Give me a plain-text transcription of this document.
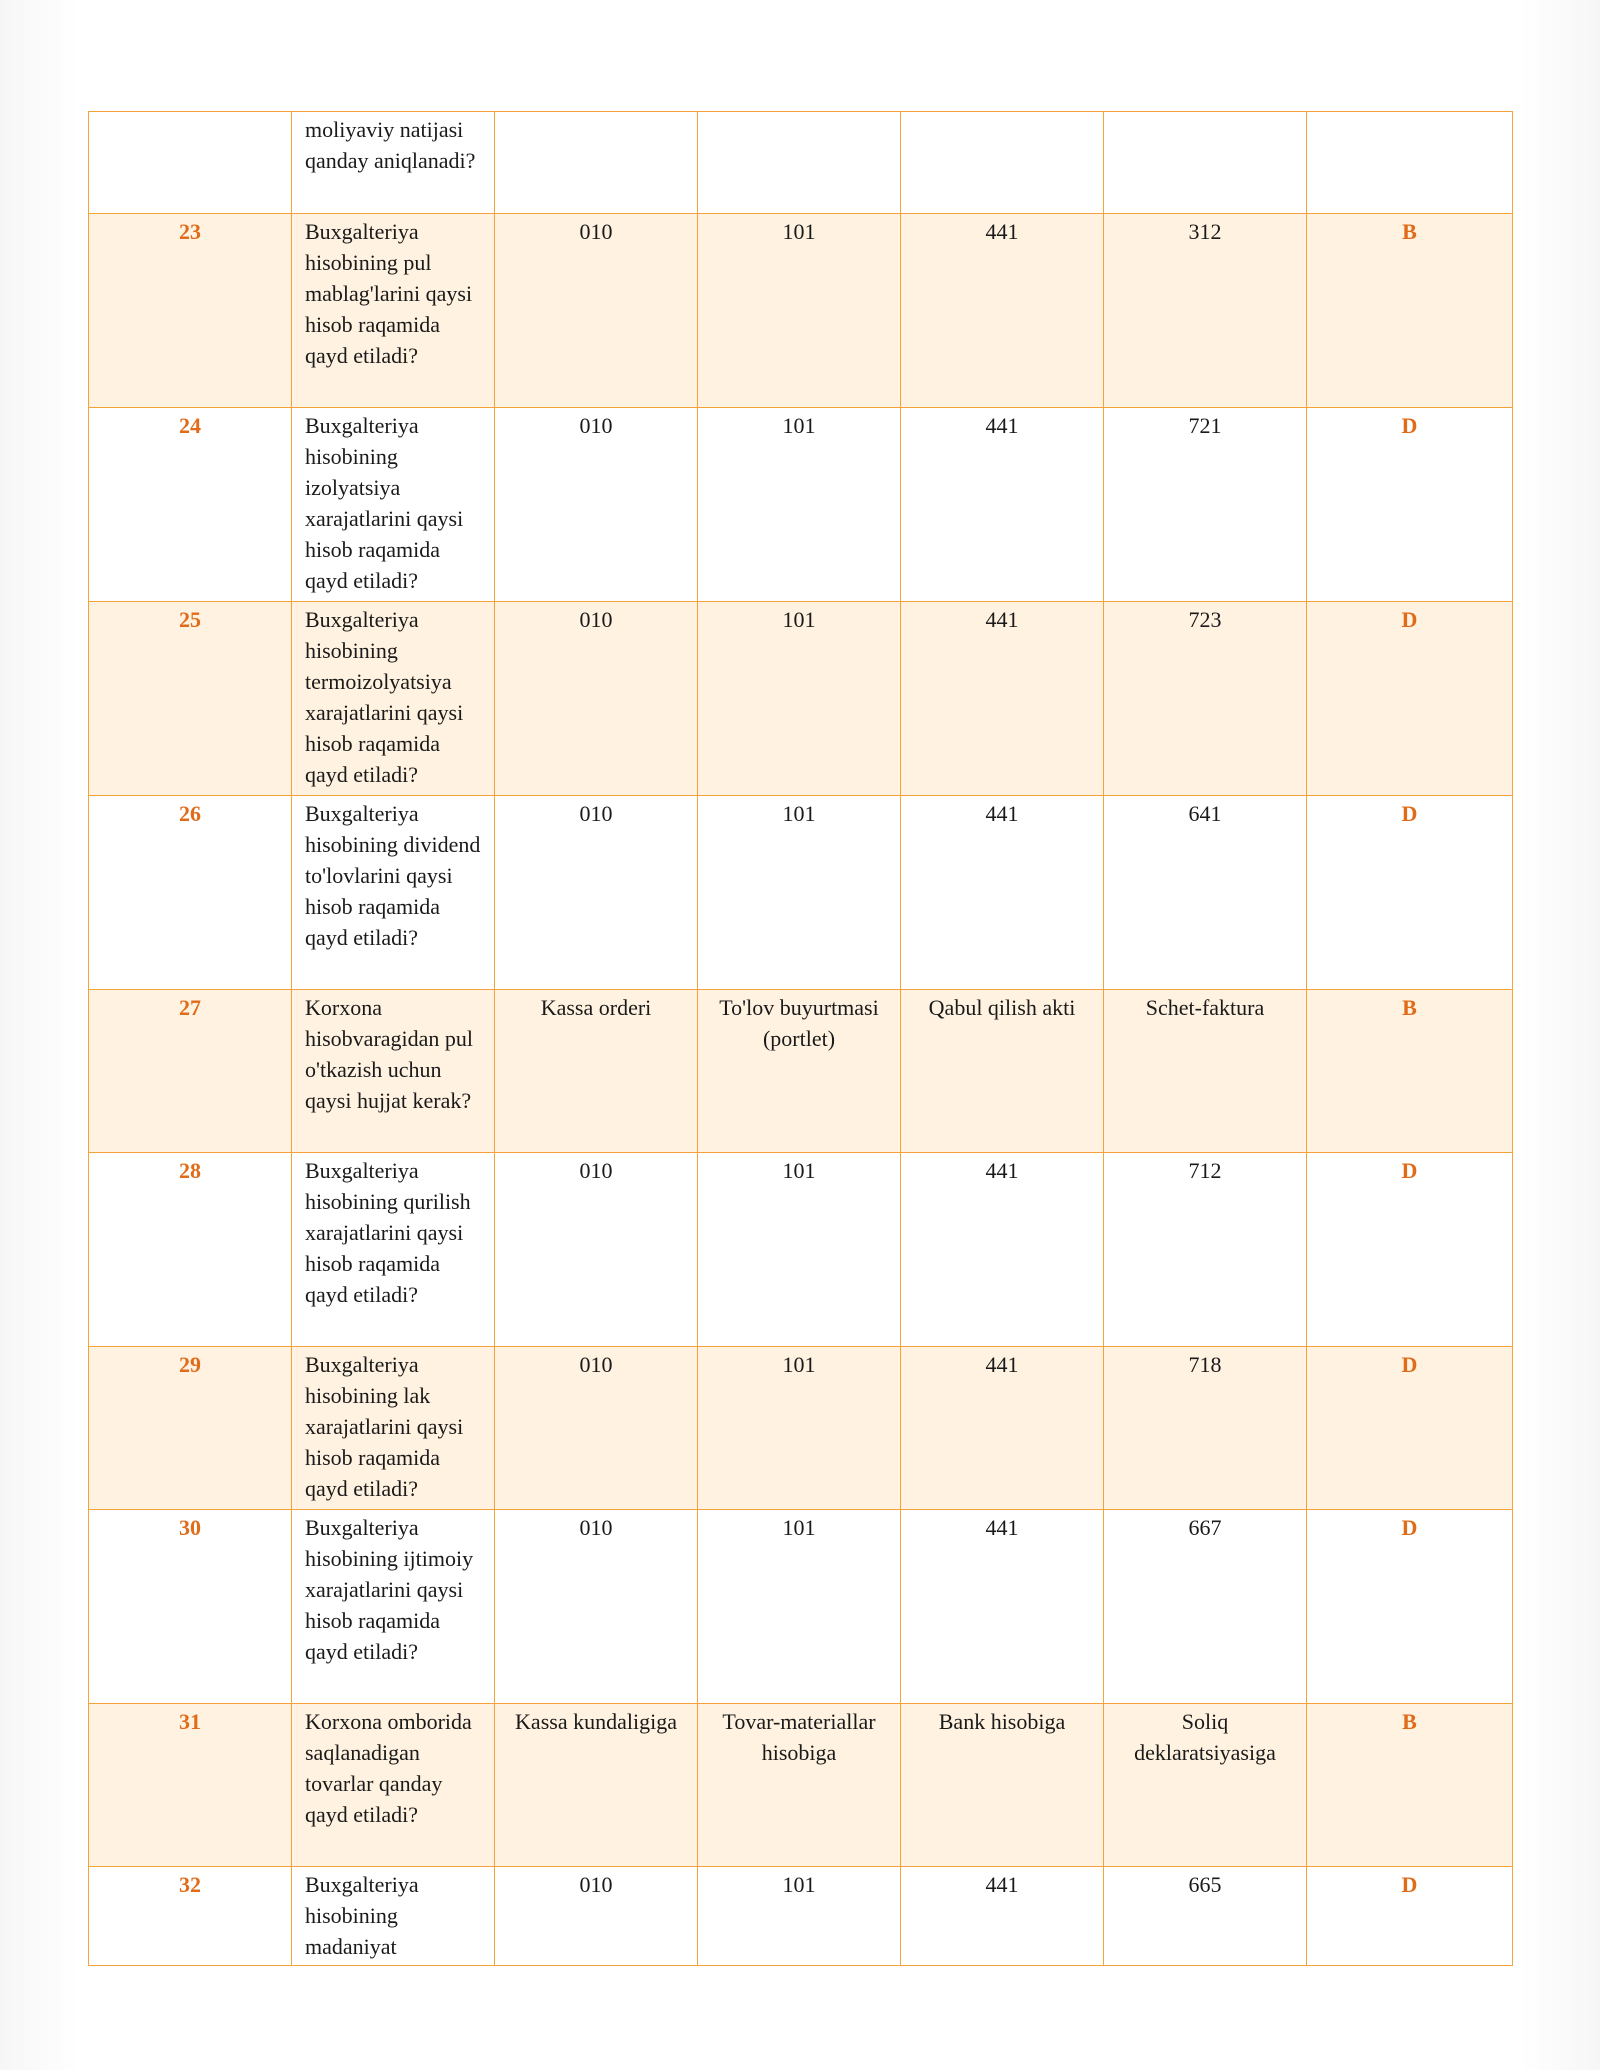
	moliyaviy natijasi qanday aniqlanadi?					
23	Buxgalteriya hisobining pul mablag'larini qaysi hisob raqamida qayd etiladi?	010	101	441	312	B
24	Buxgalteriya hisobining izolyatsiya xarajatlarini qaysi hisob raqamida qayd etiladi?	010	101	441	721	D
25	Buxgalteriya hisobining termoizolyatsiya xarajatlarini qaysi hisob raqamida qayd etiladi?	010	101	441	723	D
26	Buxgalteriya hisobining dividend to'lovlarini qaysi hisob raqamida qayd etiladi?	010	101	441	641	D
27	Korxona hisobvaragidan pul o'tkazish uchun qaysi hujjat kerak?	Kassa orderi	To'lov buyurtmasi (portlet)	Qabul qilish akti	Schet-faktura	B
28	Buxgalteriya hisobining qurilish xarajatlarini qaysi hisob raqamida qayd etiladi?	010	101	441	712	D
29	Buxgalteriya hisobining lak xarajatlarini qaysi hisob raqamida qayd etiladi?	010	101	441	718	D
30	Buxgalteriya hisobining ijtimoiy xarajatlarini qaysi hisob raqamida qayd etiladi?	010	101	441	667	D
31	Korxona omborida saqlanadigan tovarlar qanday qayd etiladi?	Kassa kundaligiga	Tovar-materiallar hisobiga	Bank hisobiga	Soliq deklaratsiyasiga	B
32	Buxgalteriya hisobining madaniyat	010	101	441	665	D
